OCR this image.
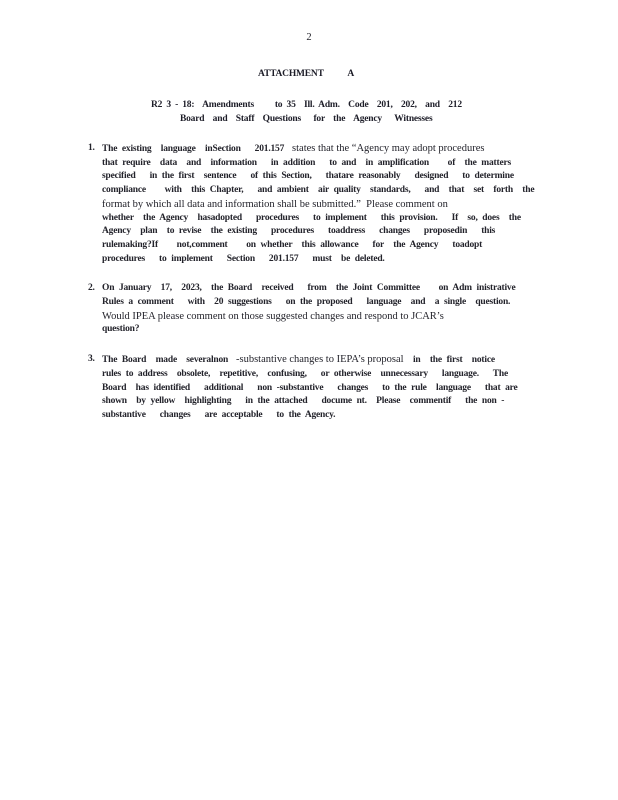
2
ATTACHMENT A
R2 3 - 18:  Amendments     to 35  Ill. Adm.  Code  201,  202,  and  212
Board  and  Staff  Questions   for  the  Agency   Witnesses
1. The existing  language  inSection   201.157   states that the “Agency may adopt procedures
that require  data  and  information   in addition   to and  in amplification    of  the matters
specified   in the first  sentence   of this Section,   thatare reasonably   designed   to determine
compliance    with  this Chapter,   and ambient  air quality  standards,   and  that  set  forth  the
format by which all data and information shall be submitted.”  Please comment on
whether  the Agency  hasadopted   procedures   to implement   this provision.   If  so, does  the
Agency  plan  to revise  the existing   procedures   toaddress   changes   proposedin   this
rulemaking?If    not,comment    on whether  this allowance   for  the Agency   toadopt
procedures   to implement   Section   201.157   must  be deleted.
2. On January  17,  2023,  the Board  received   from  the Joint Committee    on Adm inistrative
Rules a comment   with  20 suggestions   on the proposed   language  and  a single  question.
Would IPEA please comment on those suggested changes and respond to JCAR’s
question?
3. The Board  made  severalnon   -substantive changes to IEPA’s proposal  in  the first  notice
rules to address  obsolete,  repetitive,  confusing,   or otherwise  unnecessary   language.   The
Board  has identified   additional   non -substantive   changes   to the rule  language   that are
shown  by yellow  highlighting   in the attached   docume nt.  Please  commentif   the non -
substantive   changes   are acceptable   to the Agency.
